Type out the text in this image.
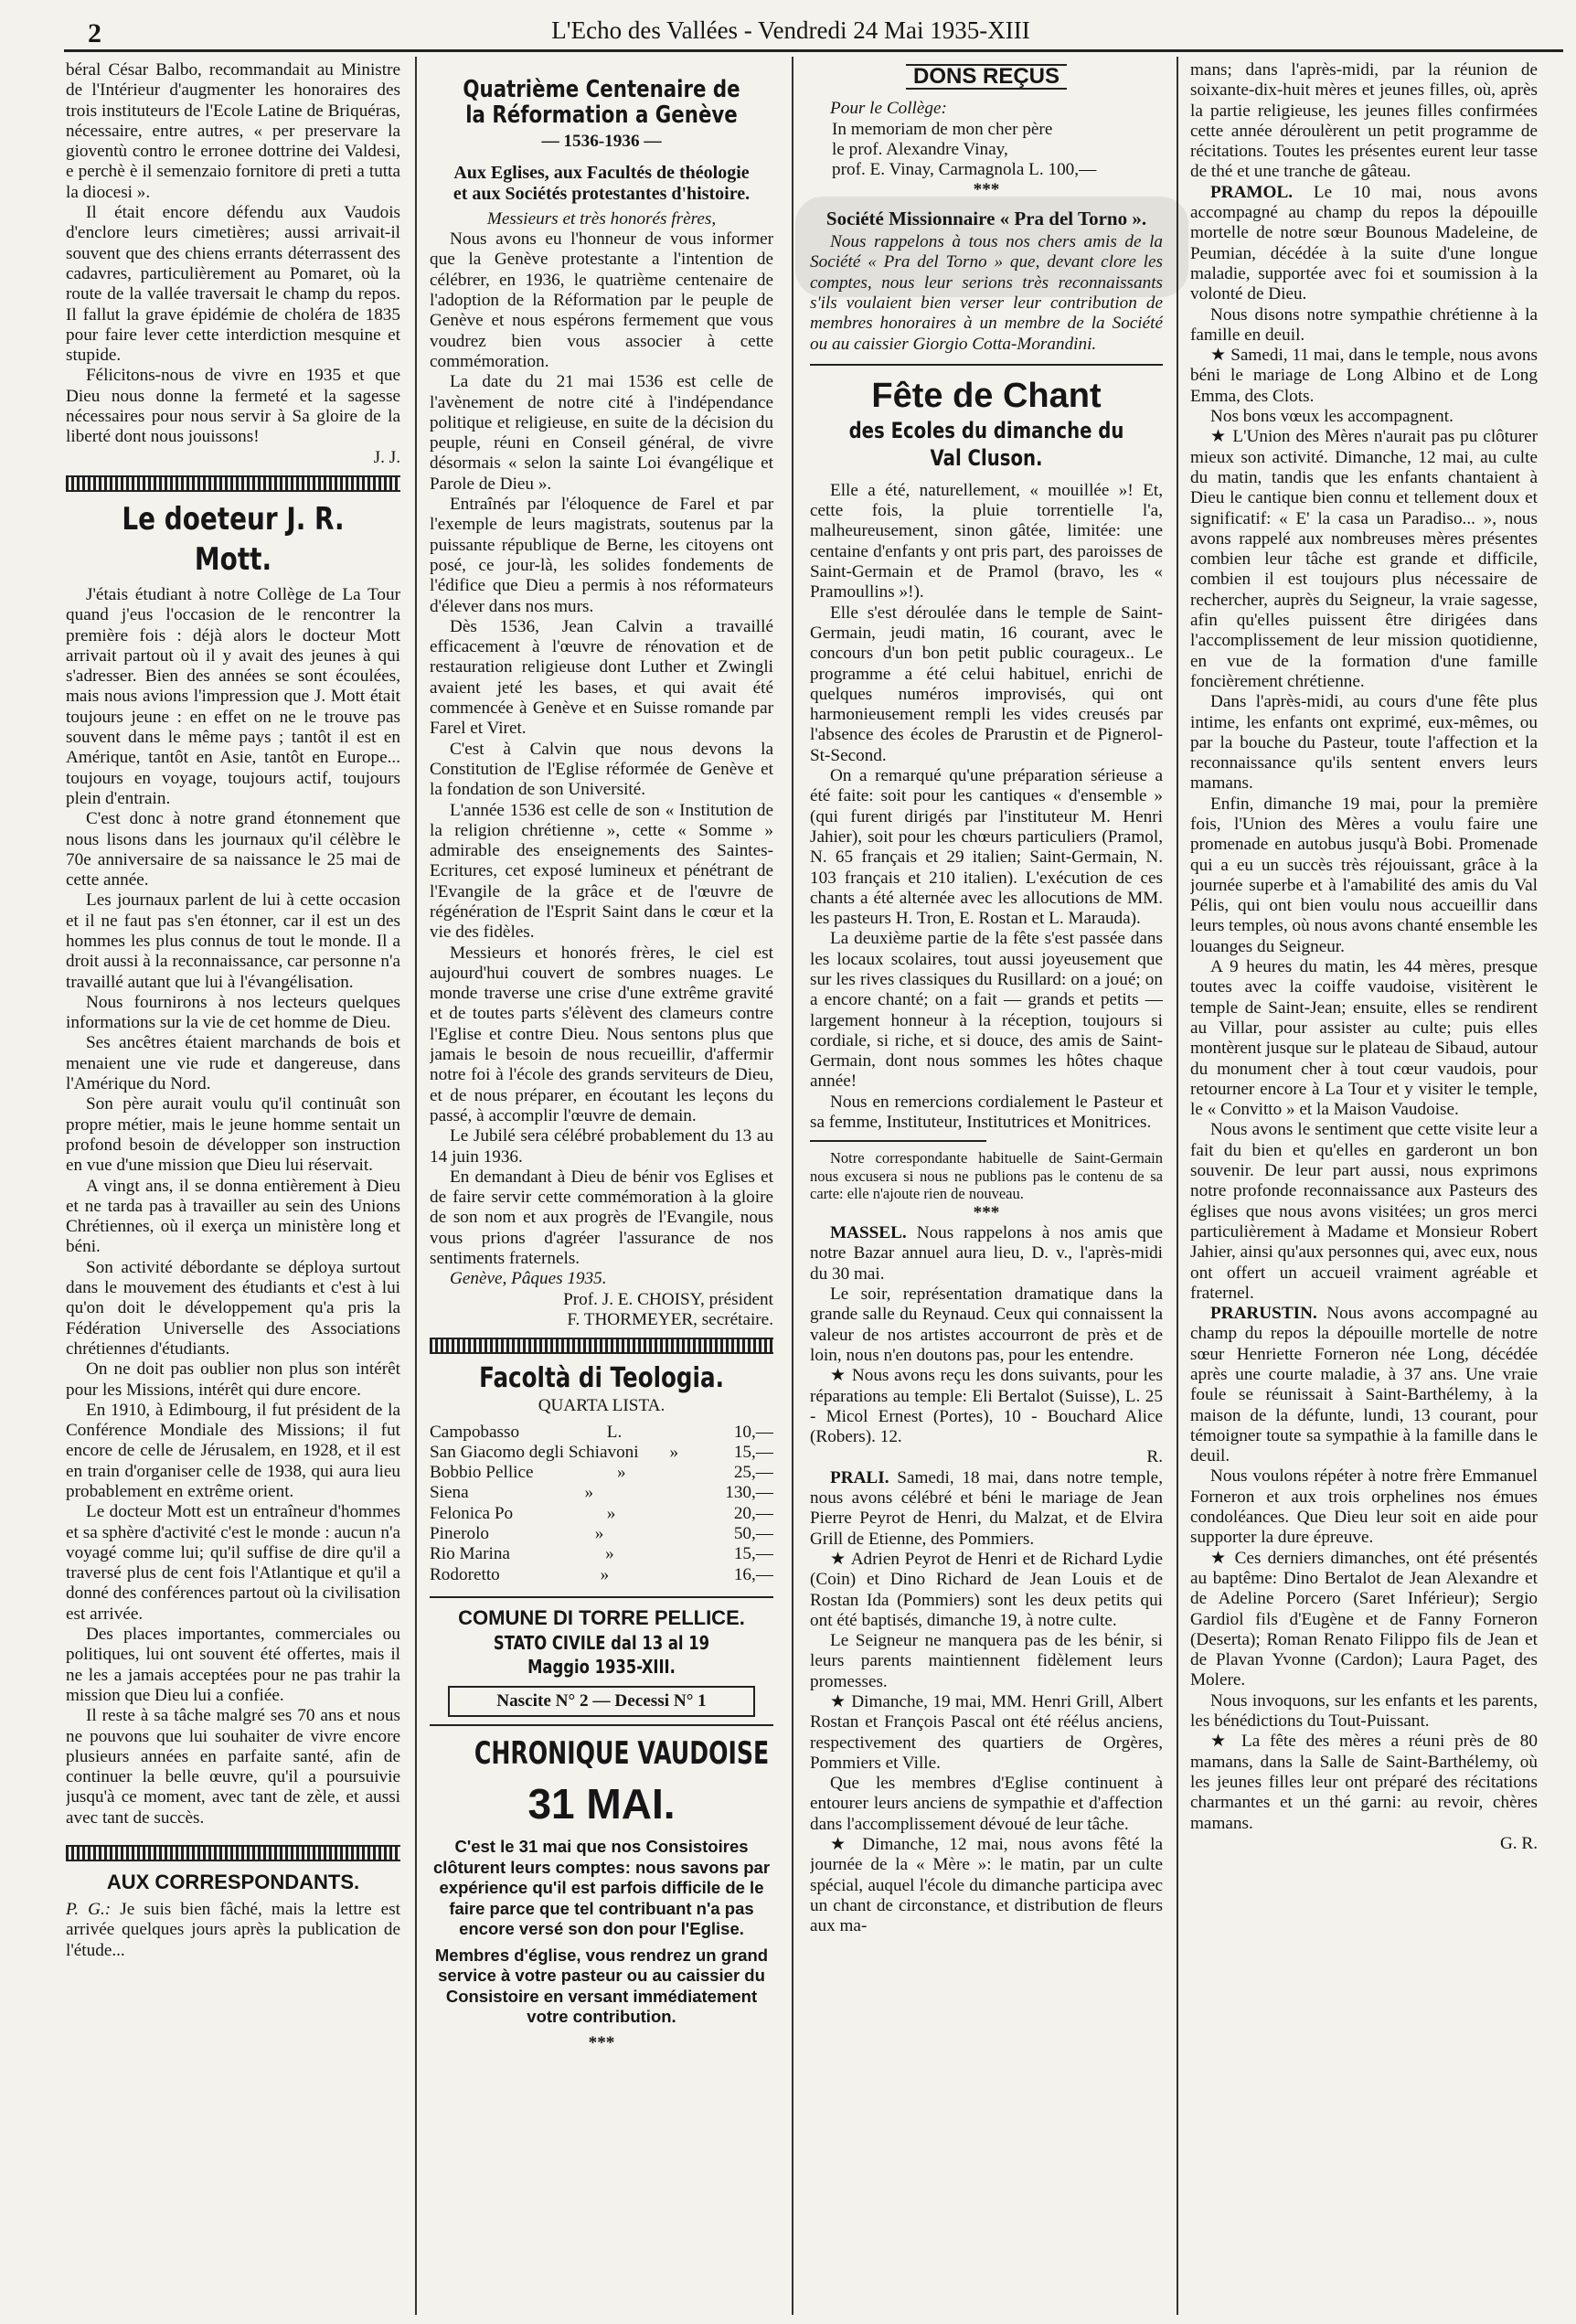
2	L'Echo des Vallées - Vendredi 24 Mai 1935-XIII

béral César Balbo, recommandait au Ministre de l'Intérieur d'augmenter les honoraires des trois instituteurs de l'Ecole Latine de Briquéras, nécessaire, entre autres, « per preservare la gioventù contro le erronee dottrine dei Valdesi, e perchè è il semenzaio fornitore di preti a tutta la diocesi ».

Il était encore défendu aux Vaudois d'enclore leurs cimetières; aussi arrivait-il souvent que des chiens errants déterrassent des cadavres, particulièrement au Pomaret, où la route de la vallée traversait le champ du repos. Il fallut la grave épidémie de choléra de 1835 pour faire lever cette interdiction mesquine et stupide.

Félicitons-nous de vivre en 1935 et que Dieu nous donne la fermeté et la sagesse nécessaires pour nous servir à Sa gloire de la liberté dont nous jouissons!

J. J.

Le doeteur J. R. Mott.

J'étais étudiant à notre Collège de La Tour quand j'eus l'occasion de le rencontrer la première fois : déjà alors le docteur Mott arrivait partout où il y avait des jeunes à qui s'adresser. Bien des années se sont écoulées, mais nous avions l'impression que J. Mott était toujours jeune : en effet on ne le trouve pas souvent dans le même pays ; tantôt il est en Amérique, tantôt en Asie, tantôt en Europe... toujours en voyage, toujours actif, toujours plein d'entrain.

C'est donc à notre grand étonnement que nous lisons dans les journaux qu'il célèbre le 70e anniversaire de sa naissance le 25 mai de cette année.

Les journaux parlent de lui à cette occasion et il ne faut pas s'en étonner, car il est un des hommes les plus connus de tout le monde. Il a droit aussi à la reconnaissance, car personne n'a travaillé autant que lui à l'évangélisation.

Nous fournirons à nos lecteurs quelques informations sur la vie de cet homme de Dieu.

Ses ancêtres étaient marchands de bois et menaient une vie rude et dangereuse, dans l'Amérique du Nord.

Son père aurait voulu qu'il continuât son propre métier, mais le jeune homme sentait un profond besoin de développer son instruction en vue d'une mission que Dieu lui réservait.

A vingt ans, il se donna entièrement à Dieu et ne tarda pas à travailler au sein des Unions Chrétiennes, où il exerça un ministère long et béni.

Son activité débordante se déploya surtout dans le mouvement des étudiants et c'est à lui qu'on doit le développement qu'a pris la Fédération Universelle des Associations chrétiennes d'étudiants.

On ne doit pas oublier non plus son intérêt pour les Missions, intérêt qui dure encore.

En 1910, à Edimbourg, il fut président de la Conférence Mondiale des Missions; il fut encore de celle de Jérusalem, en 1928, et il est en train d'organiser celle de 1938, qui aura lieu probablement en extrême orient.

Le docteur Mott est un entraîneur d'hommes et sa sphère d'activité c'est le monde : aucun n'a voyagé comme lui; qu'il suffise de dire qu'il a traversé plus de cent fois l'Atlantique et qu'il a donné des conférences partout où la civilisation est arrivée.

Des places importantes, commerciales ou politiques, lui ont souvent été offertes, mais il ne les a jamais acceptées pour ne pas trahir la mission que Dieu lui a confiée.

Il reste à sa tâche malgré ses 70 ans et nous ne pouvons que lui souhaiter de vivre encore plusieurs années en parfaite santé, afin de continuer la belle œuvre, qu'il a poursuivie jusqu'à ce moment, avec tant de zèle, et aussi avec tant de succès.

AUX CORRESPONDANTS.

P. G.: Je suis bien fâché, mais la lettre est arrivée quelques jours après la publication de l'étude...

Quatrième Centenaire de la Réformation a Genève
— 1536-1936 —
Aux Eglises, aux Facultés de théologie
et aux Sociétés protestantes d'histoire.
Messieurs et très honorés frères,

Nous avons eu l'honneur de vous informer que la Genève protestante a l'intention de célébrer, en 1936, le quatrième centenaire de l'adoption de la Réformation par le peuple de Genève et nous espérons fermement que vous voudrez bien vous associer à cette commémoration.

La date du 21 mai 1536 est celle de l'avènement de notre cité à l'indépendance politique et religieuse, en suite de la décision du peuple, réuni en Conseil général, de vivre désormais « selon la sainte Loi évangélique et Parole de Dieu ».

Entraînés par l'éloquence de Farel et par l'exemple de leurs magistrats, soutenus par la puissante république de Berne, les citoyens ont posé, ce jour-là, les solides fondements de l'édifice que Dieu a permis à nos réformateurs d'élever dans nos murs.

Dès 1536, Jean Calvin a travaillé efficacement à l'œuvre de rénovation et de restauration religieuse dont Luther et Zwingli avaient jeté les bases, et qui avait été commencée à Genève et en Suisse romande par Farel et Viret.

C'est à Calvin que nous devons la Constitution de l'Eglise réformée de Genève et la fondation de son Université.

L'année 1536 est celle de son « Institution de la religion chrétienne », cette « Somme » admirable des enseignements des Saintes-Ecritures, cet exposé lumineux et pénétrant de l'Evangile de la grâce et de l'œuvre de régénération de l'Esprit Saint dans le cœur et la vie des fidèles.

Messieurs et honorés frères, le ciel est aujourd'hui couvert de sombres nuages. Le monde traverse une crise d'une extrême gravité et de toutes parts s'élèvent des clameurs contre l'Eglise et contre Dieu. Nous sentons plus que jamais le besoin de nous recueillir, d'affermir notre foi à l'école des grands serviteurs de Dieu, et de nous préparer, en écoutant les leçons du passé, à accomplir l'œuvre de demain.

Le Jubilé sera célébré probablement du 13 au 14 juin 1936.

En demandant à Dieu de bénir vos Eglises et de faire servir cette commémoration à la gloire de son nom et aux progrès de l'Evangile, nous vous prions d'agréer l'assurance de nos sentiments fraternels.

Genève, Pâques 1935.

Prof. J. E. CHOISY, président

F. THORMEYER, secrétaire.

Facoltà di Teologia.
QUARTA LISTA.
Campobasso	L.	10,—
San Giacomo degli Schiavoni »	15,—
Bobbio Pellice	»	25,—
Siena	»	130,—
Felonica Po	»	20,—
Pinerolo	»	50,—
Rio Marina	»	15,—
Rodoretto	»	16,—
COMUNE DI TORRE PELLICE.
STATO CIVILE dal 13 al 19 Maggio 1935-XIII.
Nascite N° 2 — Decessi N° 1
CHRONIQUE VAUDOISE
31 MAI.

C'est le 31 mai que nos Consistoires clôturent leurs comptes: nous savons par expérience qu'il est parfois difficile de le faire parce que tel contribuant n'a pas encore versé son don pour l'Eglise.

Membres d'église, vous rendrez un grand service à votre pasteur ou au caissier du Consistoire en versant immédiatement votre contribution.

***
DONS REÇUS

Pour le Collège:

In memoriam de mon cher père

le prof. Alexandre Vinay,

prof. E. Vinay, Carmagnola L. 100,—

***
Société Missionnaire « Pra del Torno ».

Nous rappelons à tous nos chers amis de la Société « Pra del Torno » que, devant clore les comptes, nous leur serions très reconnaissants s'ils voulaient bien verser leur contribution de membres honoraires à un membre de la Société ou au caissier Giorgio Cotta-Morandini.

Fête de Chant
des Ecoles du dimanche du Val Cluson.

Elle a été, naturellement, « mouillée »! Et, cette fois, la pluie torrentielle l'a, malheureusement, sinon gâtée, limitée: une centaine d'enfants y ont pris part, des paroisses de Saint-Germain et de Pramol (bravo, les « Pramoullins »!).

Elle s'est déroulée dans le temple de Saint-Germain, jeudi matin, 16 courant, avec le concours d'un bon petit public courageux.. Le programme a été celui habituel, enrichi de quelques numéros improvisés, qui ont harmonieusement rempli les vides creusés par l'absence des écoles de Prarustin et de Pignerol-St-Second.

On a remarqué qu'une préparation sérieuse a été faite: soit pour les cantiques « d'ensemble » (qui furent dirigés par l'instituteur M. Henri Jahier), soit pour les chœurs particuliers (Pramol, N. 65 français et 29 italien; Saint-Germain, N. 103 français et 210 italien). L'exécution de ces chants a été alternée avec les allocutions de MM. les pasteurs H. Tron, E. Rostan et L. Marauda).

La deuxième partie de la fête s'est passée dans les locaux scolaires, tout aussi joyeusement que sur les rives classiques du Rusillard: on a joué; on a encore chanté; on a fait — grands et petits — largement honneur à la réception, toujours si cordiale, si riche, et si douce, des amis de Saint-Germain, dont nous sommes les hôtes chaque année!

Nous en remercions cordialement le Pasteur et sa femme, Instituteur, Institutrices et Monitrices.

Notre correspondante habituelle de Saint-Germain nous excusera si nous ne publions pas le contenu de sa carte: elle n'ajoute rien de nouveau.

***

MASSEL. Nous rappelons à nos amis que notre Bazar annuel aura lieu, D. v., l'après-midi du 30 mai.

Le soir, représentation dramatique dans la grande salle du Reynaud. Ceux qui connaissent la valeur de nos artistes accourront de près et de loin, nous n'en doutons pas, pour les entendre.

★ Nous avons reçu les dons suivants, pour les réparations au temple: Eli Bertalot (Suisse), L. 25 - Micol Ernest (Portes), 10 - Bouchard Alice (Robers). 12.

R.

PRALI. Samedi, 18 mai, dans notre temple, nous avons célébré et béni le mariage de Jean Pierre Peyrot de Henri, du Malzat, et de Elvira Grill de Etienne, des Pommiers.

★ Adrien Peyrot de Henri et de Richard Lydie (Coin) et Dino Richard de Jean Louis et de Rostan Ida (Pommiers) sont les deux petits qui ont été baptisés, dimanche 19, à notre culte.

Le Seigneur ne manquera pas de les bénir, si leurs parents maintiennent fidèlement leurs promesses.

★ Dimanche, 19 mai, MM. Henri Grill, Albert Rostan et François Pascal ont été réélus anciens, respectivement des quartiers de Orgères, Pommiers et Ville.

Que les membres d'Eglise continuent à entourer leurs anciens de sympathie et d'affection dans l'accomplissement dévoué de leur tâche.

★ Dimanche, 12 mai, nous avons fêté la journée de la « Mère »: le matin, par un culte spécial, auquel l'école du dimanche participa avec un chant de circonstance, et distribution de fleurs aux ma-

mans; dans l'après-midi, par la réunion de soixante-dix-huit mères et jeunes filles, où, après la partie religieuse, les jeunes filles confirmées cette année déroulèrent un petit programme de récitations. Toutes les présentes eurent leur tasse de thé et une tranche de gâteau.

PRAMOL. Le 10 mai, nous avons accompagné au champ du repos la dépouille mortelle de notre sœur Bounous Madeleine, de Peumian, décédée à la suite d'une longue maladie, supportée avec foi et soumission à la volonté de Dieu.

Nous disons notre sympathie chrétienne à la famille en deuil.

★ Samedi, 11 mai, dans le temple, nous avons béni le mariage de Long Albino et de Long Emma, des Clots.

Nos bons vœux les accompagnent.

★ L'Union des Mères n'aurait pas pu clôturer mieux son activité. Dimanche, 12 mai, au culte du matin, tandis que les enfants chantaient à Dieu le cantique bien connu et tellement doux et significatif: « E' la casa un Paradiso... », nous avons rappelé aux nombreuses mères présentes combien leur tâche est grande et difficile, combien il est toujours plus nécessaire de rechercher, auprès du Seigneur, la vraie sagesse, afin qu'elles puissent être dirigées dans l'accomplissement de leur mission quotidienne, en vue de la formation d'une famille foncièrement chrétienne.

Dans l'après-midi, au cours d'une fête plus intime, les enfants ont exprimé, eux-mêmes, ou par la bouche du Pasteur, toute l'affection et la reconnaissance qu'ils sentent envers leurs mamans.

Enfin, dimanche 19 mai, pour la première fois, l'Union des Mères a voulu faire une promenade en autobus jusqu'à Bobi. Promenade qui a eu un succès très réjouissant, grâce à la journée superbe et à l'amabilité des amis du Val Pélis, qui ont bien voulu nous accueillir dans leurs temples, où nous avons chanté ensemble les louanges du Seigneur.

A 9 heures du matin, les 44 mères, presque toutes avec la coiffe vaudoise, visitèrent le temple de Saint-Jean; ensuite, elles se rendirent au Villar, pour assister au culte; puis elles montèrent jusque sur le plateau de Sibaud, autour du monument cher à tout cœur vaudois, pour retourner encore à La Tour et y visiter le temple, le « Convitto » et la Maison Vaudoise.

Nous avons le sentiment que cette visite leur a fait du bien et qu'elles en garderont un bon souvenir. De leur part aussi, nous exprimons notre profonde reconnaissance aux Pasteurs des églises que nous avons visitées; un gros merci particulièrement à Madame et Monsieur Robert Jahier, ainsi qu'aux personnes qui, avec eux, nous ont offert un accueil vraiment agréable et fraternel.

PRARUSTIN. Nous avons accompagné au champ du repos la dépouille mortelle de notre sœur Henriette Forneron née Long, décédée après une courte maladie, à 37 ans. Une vraie foule se réunissait à Saint-Barthélemy, à la maison de la défunte, lundi, 13 courant, pour témoigner toute sa sympathie à la famille dans le deuil.

Nous voulons répéter à notre frère Emmanuel Forneron et aux trois orphelines nos émues condoléances. Que Dieu leur soit en aide pour supporter la dure épreuve.

★ Ces derniers dimanches, ont été présentés au baptême: Dino Bertalot de Jean Alexandre et de Adeline Porcero (Saret Inférieur); Sergio Gardiol fils d'Eugène et de Fanny Forneron (Deserta); Roman Renato Filippo fils de Jean et de Plavan Yvonne (Cardon); Laura Paget, des Molere.

Nous invoquons, sur les enfants et les parents, les bénédictions du Tout-Puissant.

★ La fête des mères a réuni près de 80 mamans, dans la Salle de Saint-Barthélemy, où les jeunes filles leur ont préparé des récitations charmantes et un thé garni: au revoir, chères mamans.

G. R.
